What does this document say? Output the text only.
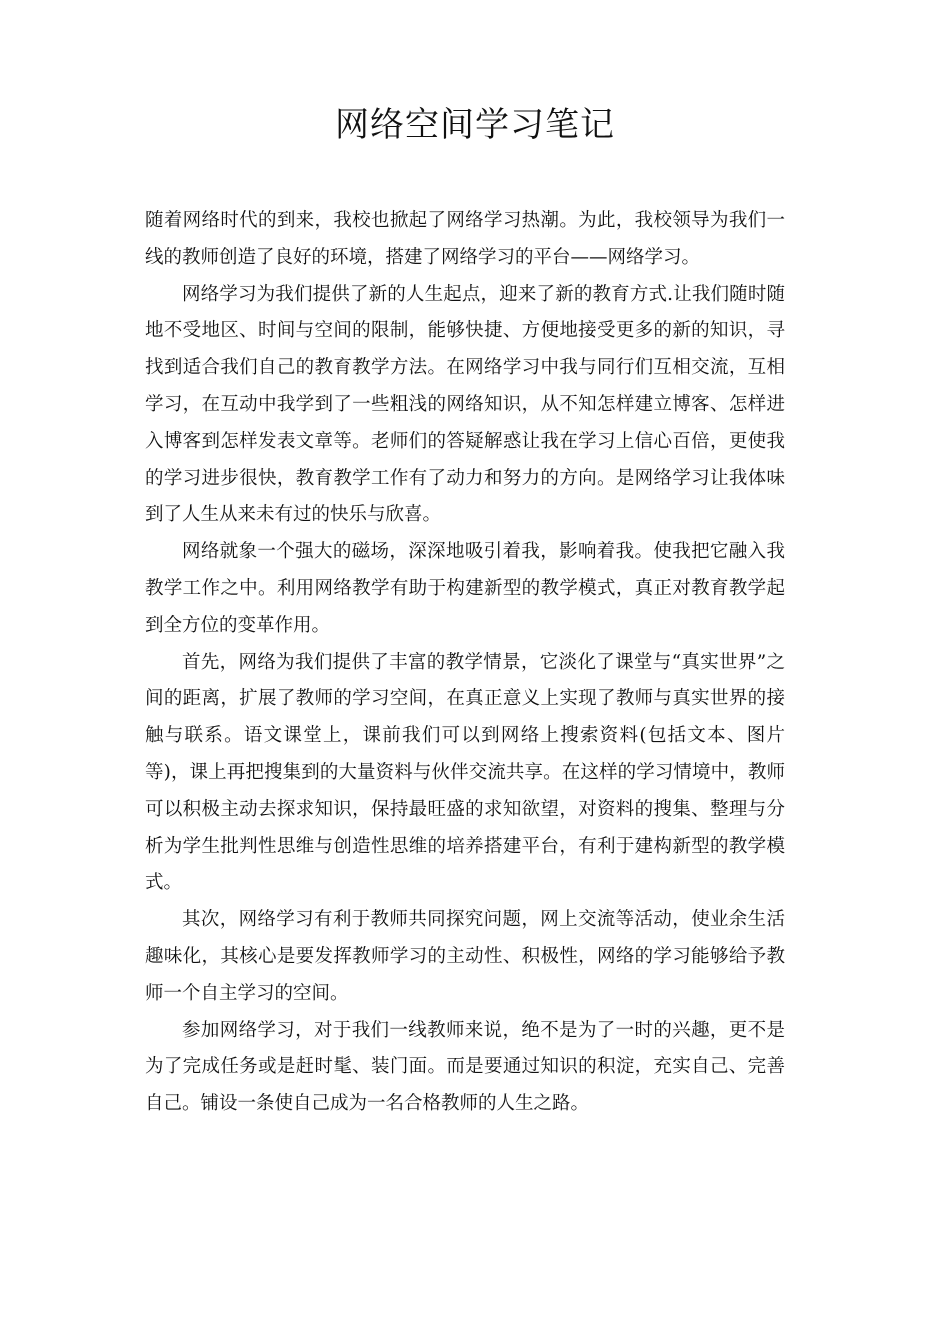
网络空间学习笔记

随着网络时代的到来，我校也掀起了网络学习热潮。为此，我校领导为我们一线的教师创造了良好的环境，搭建了网络学习的平台——网络学习。

网络学习为我们提供了新的人生起点，迎来了新的教育方式.让我们随时随地不受地区、时间与空间的限制，能够快捷、方便地接受更多的新的知识，寻找到适合我们自己的教育教学方法。在网络学习中我与同行们互相交流，互相学习，在互动中我学到了一些粗浅的网络知识，从不知怎样建立博客、怎样进入博客到怎样发表文章等。老师们的答疑解惑让我在学习上信心百倍，更使我的学习进步很快，教育教学工作有了动力和努力的方向。是网络学习让我体味到了人生从来未有过的快乐与欣喜。

网络就象一个强大的磁场，深深地吸引着我，影响着我。使我把它融入我教学工作之中。利用网络教学有助于构建新型的教学模式，真正对教育教学起到全方位的变革作用。

首先，网络为我们提供了丰富的教学情景，它淡化了课堂与“真实世界”之间的距离，扩展了教师的学习空间，在真正意义上实现了教师与真实世界的接触与联系。语文课堂上，课前我们可以到网络上搜索资料(包括文本、图片等)，课上再把搜集到的大量资料与伙伴交流共享。在这样的学习情境中，教师可以积极主动去探求知识，保持最旺盛的求知欲望，对资料的搜集、整理与分析为学生批判性思维与创造性思维的培养搭建平台，有利于建构新型的教学模式。

其次，网络学习有利于教师共同探究问题，网上交流等活动，使业余生活趣味化，其核心是要发挥教师学习的主动性、积极性，网络的学习能够给予教师一个自主学习的空间。

参加网络学习，对于我们一线教师来说，绝不是为了一时的兴趣，更不是为了完成任务或是赶时髦、装门面。而是要通过知识的积淀，充实自己、完善自己。铺设一条使自己成为一名合格教师的人生之路。
